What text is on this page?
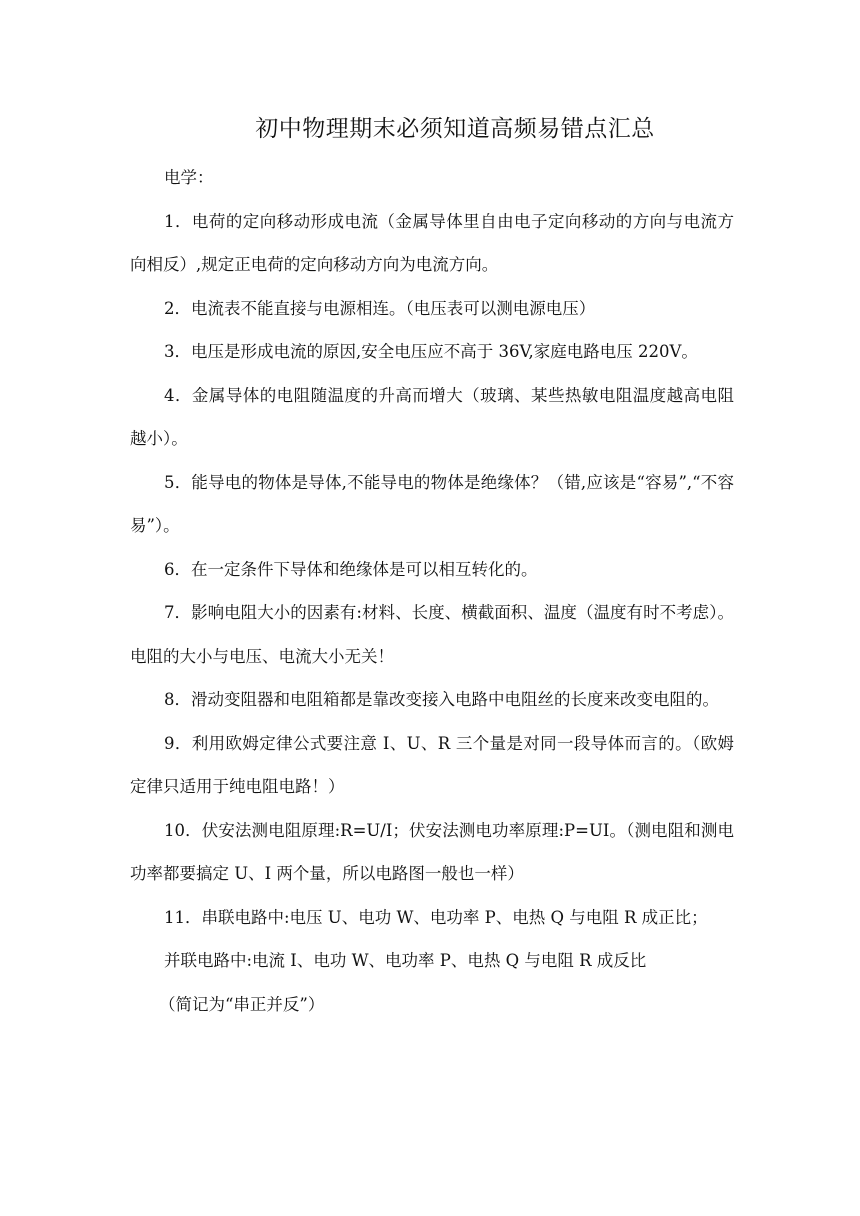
初中物理期末必须知道高频易错点汇总

电学：

1．电荷的定向移动形成电流（金属导体里自由电子定向移动的方向与电流方向相反）,规定正电荷的定向移动方向为电流方向。

2．电流表不能直接与电源相连。（电压表可以测电源电压）

3．电压是形成电流的原因,安全电压应不高于 36V,家庭电路电压 220V。

4．金属导体的电阻随温度的升高而增大（玻璃、某些热敏电阻温度越高电阻越小）。

5．能导电的物体是导体,不能导电的物体是绝缘体？（错,应该是“容易”,“不容易”）。

6．在一定条件下导体和绝缘体是可以相互转化的。

7．影响电阻大小的因素有:材料、长度、横截面积、温度（温度有时不考虑）。电阻的大小与电压、电流大小无关！

8．滑动变阻器和电阻箱都是靠改变接入电路中电阻丝的长度来改变电阻的。

9．利用欧姆定律公式要注意 I、U、R 三个量是对同一段导体而言的。（欧姆定律只适用于纯电阻电路！）

10．伏安法测电阻原理:R=U/I；伏安法测电功率原理:P=UI。（测电阻和测电功率都要搞定 U、I 两个量，所以电路图一般也一样）

11．串联电路中:电压 U、电功 W、电功率 P、电热 Q 与电阻 R 成正比；

并联电路中:电流 I、电功 W、电功率 P、电热 Q 与电阻 R 成反比

（简记为“串正并反”）
